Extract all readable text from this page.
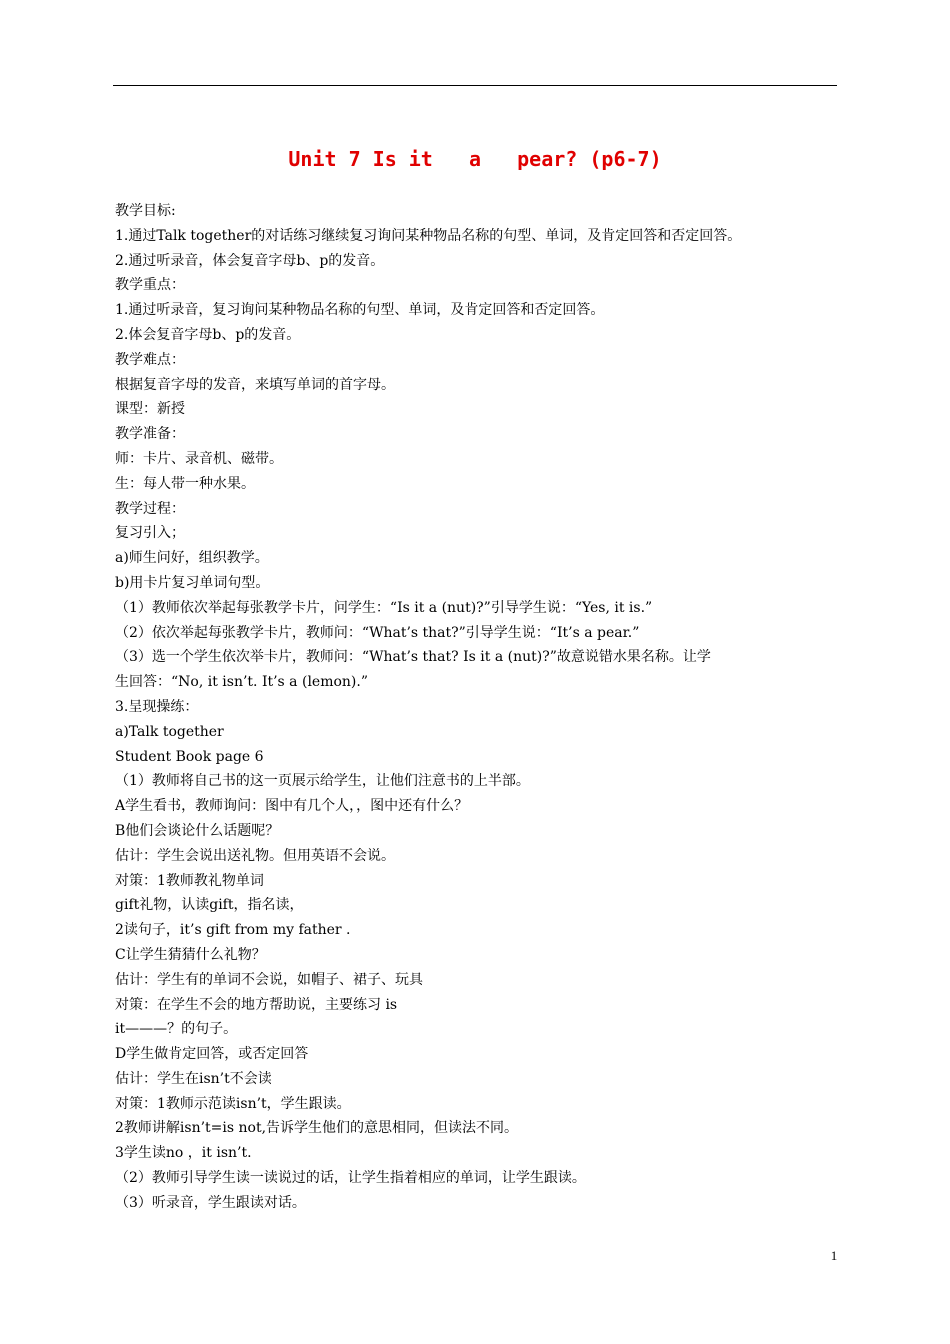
Unit 7 Is it   a   pear? (p6-7)
教学目标:
1.通过Talk together的对话练习继续复习询问某种物品名称的句型、单词，及肯定回答和否定回答。
2.通过听录音，体会复音字母b、p的发音。
教学重点：
1.通过听录音，复习询问某种物品名称的句型、单词，及肯定回答和否定回答。
2.体会复音字母b、p的发音。
教学难点：
根据复音字母的发音，来填写单词的首字母。
课型：新授
教学准备：
师：卡片、录音机、磁带。
生：每人带一种水果。
教学过程：
复习引入；
a)师生问好，组织教学。
b)用卡片复习单词句型。
（1）教师依次举起每张教学卡片，问学生：“Is it a (nut)?”引导学生说：“Yes, it is.”
（2）依次举起每张教学卡片，教师问：“What’s that?”引导学生说：“It’s a pear.”
（3）选一个学生依次举卡片，教师问：“What’s that? Is it a (nut)?”故意说错水果名称。让学
生回答：“No, it isn’t. It’s a (lemon).”
3.呈现操练：
a)Talk together
Student Book page 6
（1）教师将自己书的这一页展示给学生，让他们注意书的上半部。
A学生看书，教师询问：图中有几个人，，图中还有什么？
B他们会谈论什么话题呢？
估计：学生会说出送礼物。但用英语不会说。
对策：1教师教礼物单词
gift礼物，认读gift，指名读，
2读句子，it’s gift from my father .
C让学生猜猜什么礼物？
估计：学生有的单词不会说，如帽子、裙子、玩具
对策：在学生不会的地方帮助说，主要练习 is
it———？的句子。
D学生做肯定回答，或否定回答
估计：学生在isn’t不会读
对策：1教师示范读isn’t，学生跟读。
2教师讲解isn’t=is not,告诉学生他们的意思相同，但读法不同。
3学生读no ，it isn’t.
（2）教师引导学生读一读说过的话，让学生指着相应的单词，让学生跟读。
（3）听录音，学生跟读对话。
1
